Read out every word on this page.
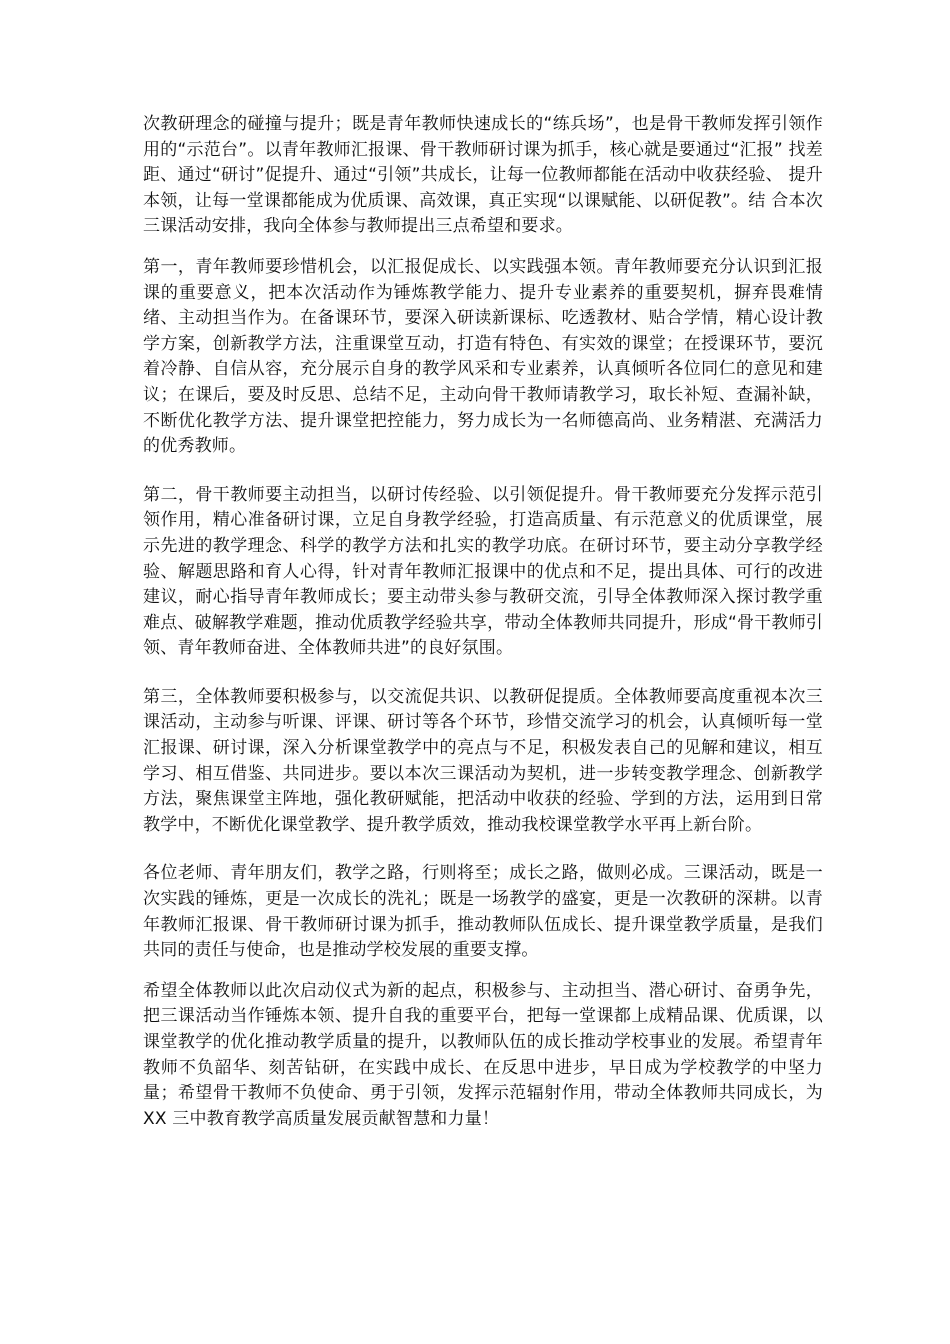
次教研理念的碰撞与提升；既是青年教师快速成长的“练兵场”，也是骨干教师发挥引领作用的“示范台”。以青年教师汇报课、骨干教师研讨课为抓手，核心就是要通过“汇报” 找差距、通过“研讨”促提升、通过“引领”共成长，让每一位教师都能在活动中收获经验、 提升本领，让每一堂课都能成为优质课、高效课，真正实现“以课赋能、以研促教”。结 合本次三课活动安排，我向全体参与教师提出三点希望和要求。

第一，青年教师要珍惜机会，以汇报促成长、以实践强本领。青年教师要充分认识到汇报课的重要意义，把本次活动作为锤炼教学能力、提升专业素养的重要契机，摒弃畏难情绪、主动担当作为。在备课环节，要深入研读新课标、吃透教材、贴合学情，精心设计教学方案，创新教学方法，注重课堂互动，打造有特色、有实效的课堂；在授课环节，要沉着冷静、自信从容，充分展示自身的教学风采和专业素养，认真倾听各位同仁的意见和建议；在课后，要及时反思、总结不足，主动向骨干教师请教学习，取长补短、查漏补缺，不断优化教学方法、提升课堂把控能力，努力成长为一名师德高尚、业务精湛、充满活力的优秀教师。

第二，骨干教师要主动担当，以研讨传经验、以引领促提升。骨干教师要充分发挥示范引领作用，精心准备研讨课，立足自身教学经验，打造高质量、有示范意义的优质课堂，展示先进的教学理念、科学的教学方法和扎实的教学功底。在研讨环节，要主动分享教学经验、解题思路和育人心得，针对青年教师汇报课中的优点和不足，提出具体、可行的改进建议，耐心指导青年教师成长；要主动带头参与教研交流，引导全体教师深入探讨教学重难点、破解教学难题，推动优质教学经验共享，带动全体教师共同提升，形成“骨干教师引领、青年教师奋进、全体教师共进”的良好氛围。

第三，全体教师要积极参与，以交流促共识、以教研促提质。全体教师要高度重视本次三课活动，主动参与听课、评课、研讨等各个环节，珍惜交流学习的机会，认真倾听每一堂汇报课、研讨课，深入分析课堂教学中的亮点与不足，积极发表自己的见解和建议，相互学习、相互借鉴、共同进步。要以本次三课活动为契机，进一步转变教学理念、创新教学方法，聚焦课堂主阵地，强化教研赋能，把活动中收获的经验、学到的方法，运用到日常教学中，不断优化课堂教学、提升教学质效，推动我校课堂教学水平再上新台阶。

各位老师、青年朋友们，教学之路，行则将至；成长之路，做则必成。三课活动，既是一次实践的锤炼，更是一次成长的洗礼；既是一场教学的盛宴，更是一次教研的深耕。以青年教师汇报课、骨干教师研讨课为抓手，推动教师队伍成长、提升课堂教学质量，是我们共同的责任与使命，也是推动学校发展的重要支撑。

希望全体教师以此次启动仪式为新的起点，积极参与、主动担当、潜心研讨、奋勇争先，把三课活动当作锤炼本领、提升自我的重要平台，把每一堂课都上成精品课、优质课，以课堂教学的优化推动教学质量的提升，以教师队伍的成长推动学校事业的发展。希望青年教师不负韶华、刻苦钻研，在实践中成长、在反思中进步，早日成为学校教学的中坚力量；希望骨干教师不负使命、勇于引领，发挥示范辐射作用，带动全体教师共同成长，为 XX 三中教育教学高质量发展贡献智慧和力量！
